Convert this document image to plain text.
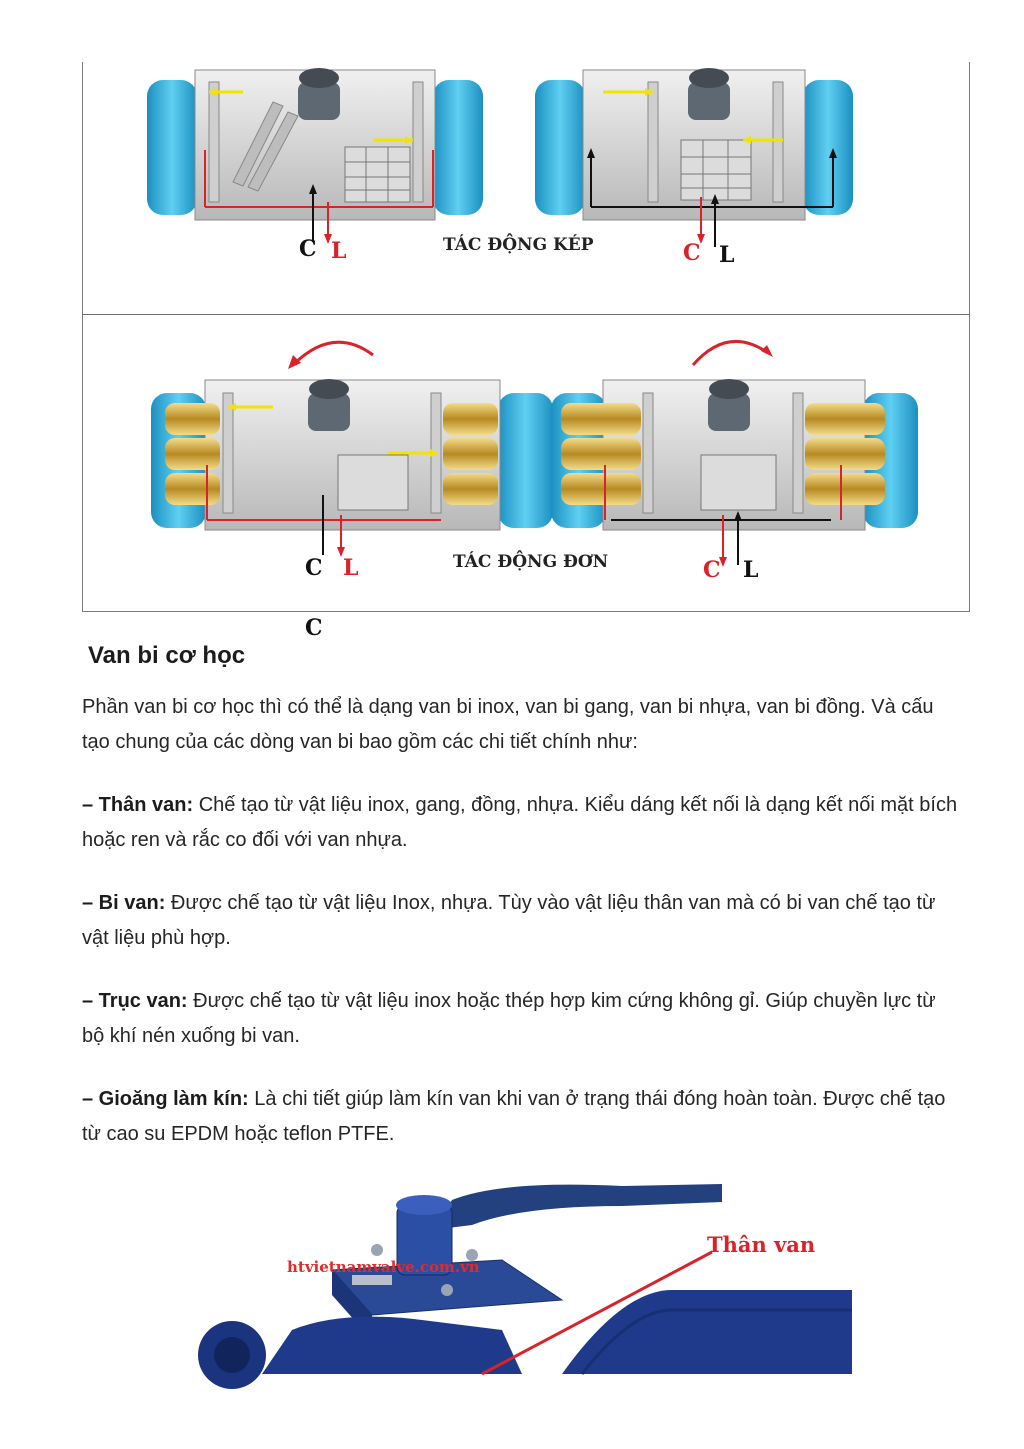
C L	TÁC ĐỘNG KÉP	C L
C
L
C	TÁC ĐỘNG ĐƠN	C L
Van bi cơ học

Phần van bi cơ học thì có thể là dạng van bi inox, van bi gang, van bi nhựa, van bi đồng. Và cấu tạo chung của các dòng van bi bao gồm các chi tiết chính như:

– Thân van: Chế tạo từ vật liệu inox, gang, đồng, nhựa. Kiểu dáng kết nối là dạng kết nối mặt bích hoặc ren và rắc co đối với van nhựa.

– Bi van: Được chế tạo từ vật liệu Inox, nhựa. Tùy vào vật liệu thân van mà có bi van chế tạo từ vật liệu phù hợp.

– Trục van: Được chế tạo từ vật liệu inox hoặc thép hợp kim cứng không gỉ. Giúp chuyền lực từ bộ khí nén xuống bi van.

– Gioăng làm kín: Là chi tiết giúp làm kín van khi van ở trạng thái đóng hoàn toàn. Được chế tạo từ cao su EPDM hoặc teflon PTFE.

htvietnamvalve.com.vn
Thân van
